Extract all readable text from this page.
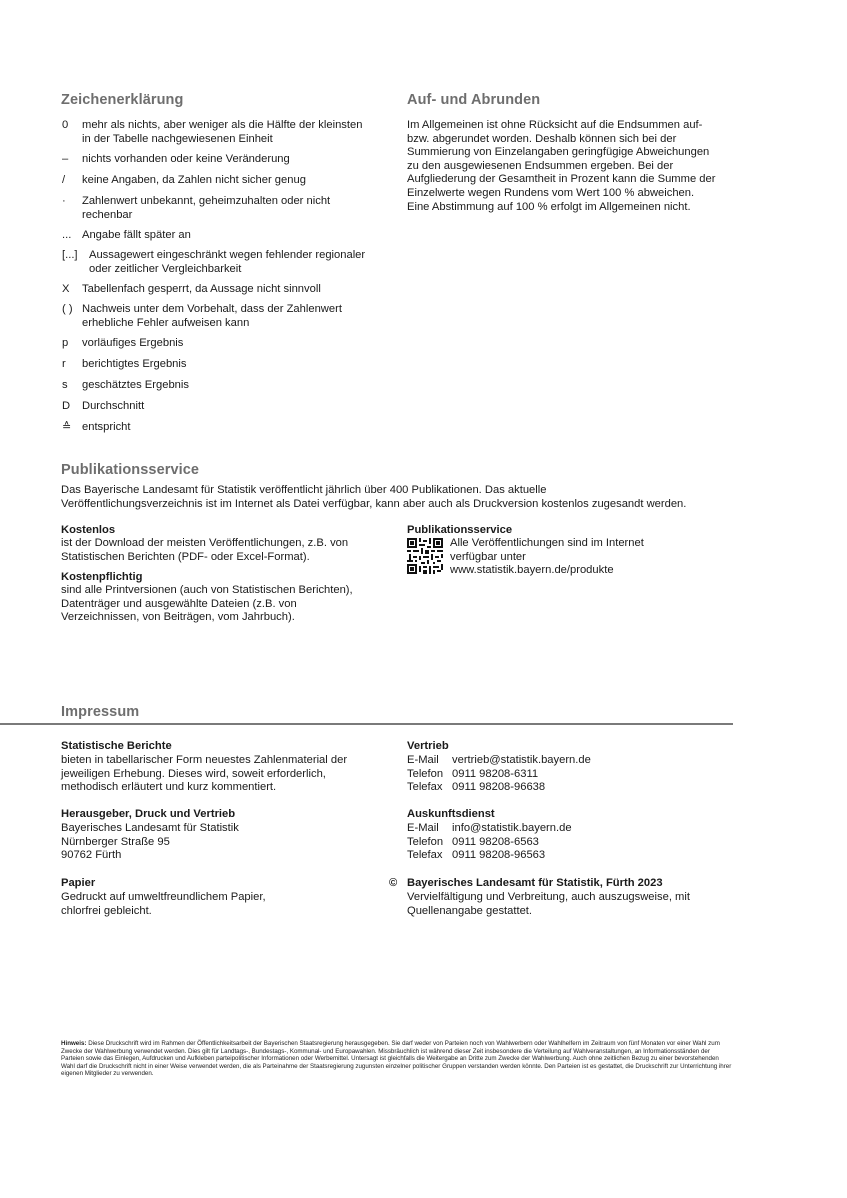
Zeichenerklärung
0	mehr als nichts, aber weniger als die Hälfte der kleinsten in der Tabelle nachgewiesenen Einheit
–	nichts vorhanden oder keine Veränderung
/	keine Angaben, da Zahlen nicht sicher genug
·	Zahlenwert unbekannt, geheimzuhalten oder nicht rechenbar
... Angabe fällt später an
[...]	Aussagewert eingeschränkt wegen fehlender regionaler oder zeitlicher Vergleichbarkeit
X	Tabellenfach gesperrt, da Aussage nicht sinnvoll
( ) Nachweis unter dem Vorbehalt, dass der Zahlenwert erhebliche Fehler aufweisen kann
p	vorläufiges Ergebnis
r	berichtigtes Ergebnis
s	geschätztes Ergebnis
D	Durchschnitt
≙ entspricht
Auf- und Abrunden
Im Allgemeinen ist ohne Rücksicht auf die Endsummen auf-bzw. abgerundet worden. Deshalb können sich bei der Summierung von Einzelangaben geringfügige Abweichungen zu den ausgewiesenen Endsummen ergeben. Bei der Aufgliederung der Gesamtheit in Prozent kann die Summe der Einzelwerte wegen Rundens vom Wert 100 % abweichen. Eine Abstimmung auf 100 % erfolgt im Allgemeinen nicht.
Publikationsservice
Das Bayerische Landesamt für Statistik veröffentlicht jährlich über 400 Publikationen. Das aktuelle Veröffentlichungsverzeichnis ist im Internet als Datei verfügbar, kann aber auch als Druckversion kostenlos zugesandt werden.
Kostenlos
ist der Download der meisten Veröffentlichungen, z.B. von Statistischen Berichten (PDF- oder Excel-Format).
Kostenpflichtig
sind alle Printversionen (auch von Statistischen Berichten), Datenträger und ausgewählte Dateien (z.B. von Verzeichnissen, von Beiträgen, vom Jahrbuch).
Publikationsservice
Alle Veröffentlichungen sind im Internet verfügbar unter
www.statistik.bayern.de/produkte
Impressum
Statistische Berichte
bieten in tabellarischer Form neuestes Zahlenmaterial der jeweiligen Erhebung. Dieses wird, soweit erforderlich, methodisch erläutert und kurz kommentiert.
Herausgeber, Druck und Vertrieb
Bayerisches Landesamt für Statistik
Nürnberger Straße 95
90762 Fürth
Papier
Gedruckt auf umweltfreundlichem Papier, chlorfrei gebleicht.
Vertrieb
E-Mail	vertrieb@statistik.bayern.de
Telefon 0911 98208-6311
Telefax 0911 98208-96638
Auskunftsdienst
E-Mail	info@statistik.bayern.de
Telefon 0911 98208-6563
Telefax 0911 98208-96563
© Bayerisches Landesamt für Statistik, Fürth 2023
Vervielfältigung und Verbreitung, auch auszugsweise, mit Quellenangabe gestattet.
Hinweis: Diese Druckschrift wird im Rahmen der Öffentlichkeitsarbeit der Bayerischen Staatsregierung herausgegeben. Sie darf weder von Parteien noch von Wahlwerbern oder Wahlhelfern im Zeitraum von fünf Monaten vor einer Wahl zum Zwecke der Wahlwerbung verwendet werden. Dies gilt für Landtags-, Bundestags-, Kommunal- und Europawahlen. Missbräuchlich ist während dieser Zeit insbesondere die Verteilung auf Wahlveranstaltungen, an Informationsständen der Parteien sowie das Einlegen, Aufdrucken und Aufkleben parteipolitischer Informationen oder Werbemittel. Untersagt ist gleichfalls die Weitergabe an Dritte zum Zwecke der Wahlwerbung. Auch ohne zeitlichen Bezug zu einer bevorstehenden Wahl darf die Druckschrift nicht in einer Weise verwendet werden, die als Parteinahme der Staatsregierung zugunsten einzelner politischer Gruppen verstanden werden könnte. Den Parteien ist es gestattet, die Druckschrift zur Unterrichtung ihrer eigenen Mitglieder zu verwenden.
